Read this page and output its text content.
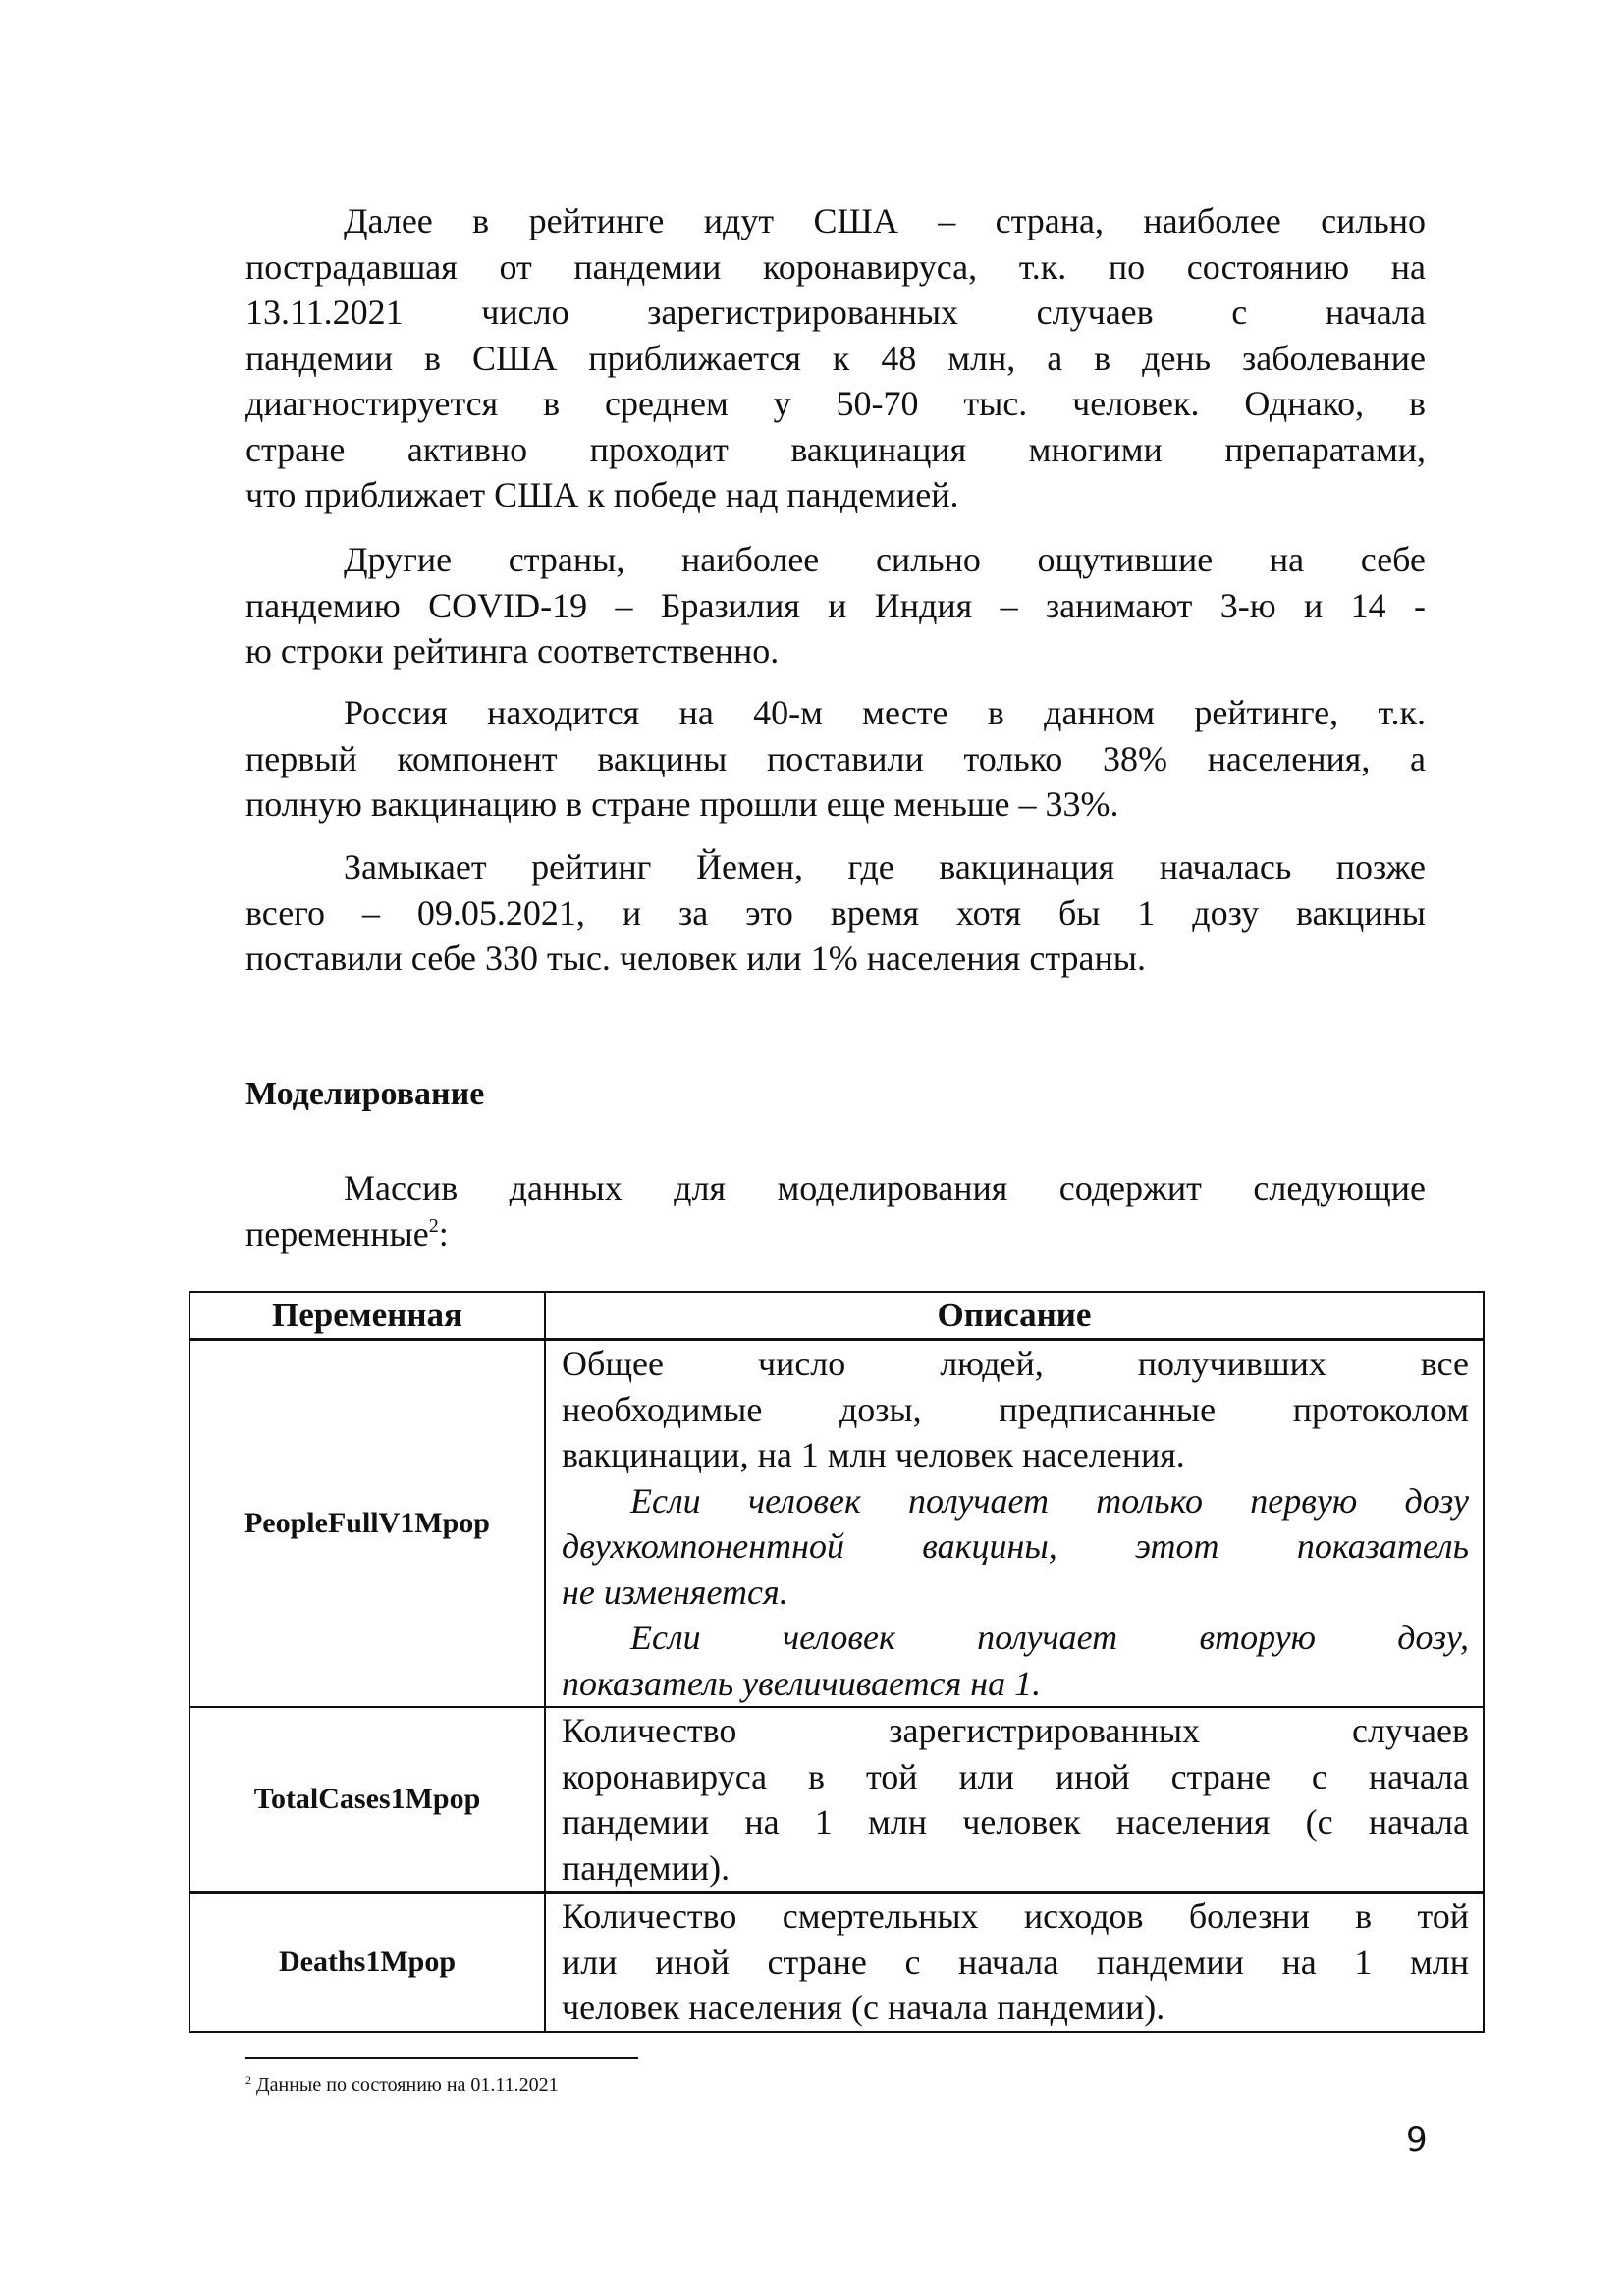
Далее в рейтинге идут США – страна, наиболее сильно
пострадавшая от пандемии коронавируса, т.к. по состоянию на
13.11.2021 число зарегистрированных случаев с начала
пандемии в США приближается к 48 млн, а в день заболевание
диагностируется в среднем у 50-70 тыс. человек. Однако, в
стране активно проходит вакцинация многими препаратами,
что приближает США к победе над пандемией.
Другие страны, наиболее сильно ощутившие на себе
пандемию COVID-19 – Бразилия и Индия – занимают 3-ю и 14 -
ю строки рейтинга соответственно.
Россия находится на 40-м месте в данном рейтинге, т.к.
первый компонент вакцины поставили только 38% населения, а
полную вакцинацию в стране прошли еще меньше – 33%.
Замыкает рейтинг Йемен, где вакцинация началась позже
всего – 09.05.2021, и за это время хотя бы 1 дозу вакцины
поставили себе 330 тыс. человек или 1% населения страны.
Моделирование
Массив данных для моделирования содержит следующие
переменные$^2$:
Переменная	Описание
PeopleFullV1Mpop	
Общее число людей, получивших все
необходимые дозы, предписанные протоколом
вакцинации, на 1 млн человек населения.
Если человек получает только первую дозу
двухкомпонентной вакцины, этот показатель
не изменяется.
Если человек получает вторую дозу,
показатель увеличивается на 1.

TotalCases1Mpop	Количество зарегистрированных случаев
коронавируса в той или иной стране с начала
пандемии на 1 млн человек населения (с начала
пандемии).

Deaths1Mpop	Количество смертельных исходов болезни в той
или иной стране с начала пандемии на 1 млн
человек населения (с начала пандемии).
$^2$ Данные по состоянию на 01.11.2021
9
